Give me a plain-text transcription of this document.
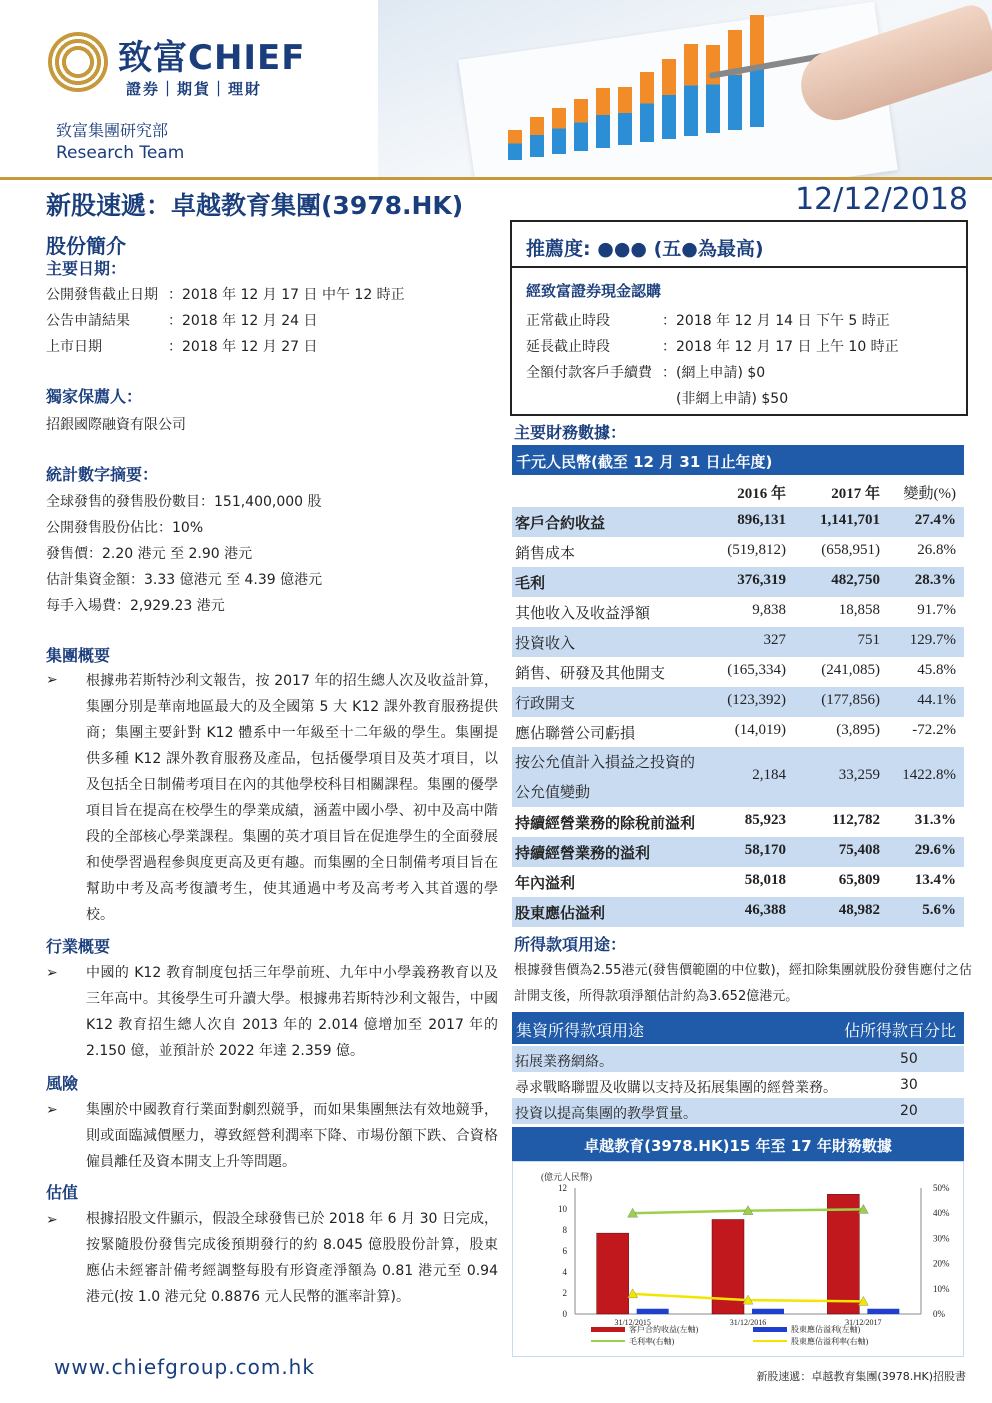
致富CHIEF
證券｜期貨｜理財
致富集團研究部
Research Team
新股速遞：卓越教育集團(3978.HK)	12/12/2018
股份簡介
主要日期：
公開發售截止日期 ：2018 年 12 月 17 日 中午 12 時正
公告申請結果	：2018 年 12 月 24 日
上市日期	：2018 年 12 月 27 日
獨家保薦人：
招銀國際融資有限公司
統計數字摘要：
全球發售的發售股份數目：151,400,000 股
公開發售股份佔比：10%
發售價：2.20 港元 至 2.90 港元
估計集資金額：3.33 億港元 至 4.39 億港元
每手入場費：2,929.23 港元
集團概要
➢ 根據弗若斯特沙利文報告，按 2017 年的招生總人次及收益計算，集團分別是華南地區最大的及全國第 5 大 K12 課外教育服務提供商；集團主要針對 K12 體系中一年級至十二年級的學生。集團提供多種 K12 課外教育服務及產品，包括優學項目及英才項目，以及包括全日制備考項目在內的其他學校科目相關課程。集團的優學項目旨在提高在校學生的學業成績，涵蓋中國小學、初中及高中階段的全部核心學業課程。集團的英才項目旨在促進學生的全面發展和使學習過程參與度更高及更有趣。而集團的全日制備考項目旨在幫助中考及高考復讀考生，使其通過中考及高考考入其首選的學校。
行業概要
➢ 中國的 K12 教育制度包括三年學前班、九年中小學義務教育以及三年高中。其後學生可升讀大學。根據弗若斯特沙利文報告，中國 K12 教育招生總人次自 2013 年的 2.014 億增加至 2017 年的 2.150 億，並預計於 2022 年達 2.359 億。
風險
➢ 集團於中國教育行業面對劇烈競爭，而如果集團無法有效地競爭，則或面臨減價壓力，導致經營利潤率下降、市場份額下跌、合資格僱員離任及資本開支上升等問題。
估值
➢ 根據招股文件顯示，假設全球發售已於 2018 年 6 月 30 日完成，按緊隨股份發售完成後預期發行的約 8.045 億股股份計算，股東應佔未經審計備考經調整每股有形資產淨額為 0.81 港元至 0.94 港元(按 1.0 港元兌 0.8876 元人民幣的滙率計算)。
推薦度: ●●● (五●為最高)
經致富證券現金認購
正常截止時段	：2018 年 12 月 14 日 下午 5 時正
延長截止時段	：2018 年 12 月 17 日 上午 10 時正
全額付款客戶手續費 ：(網上申請) $0
(非網上申請) $50
主要財務數據：
千元人民幣(截至 12 月 31 日止年度)
2016 年	2017 年 變動(%)
客戶合約收益	896,131 1,141,701 27.4%
銷售成本	(519,812) (658,951) 26.8%
毛利	376,319	482,750 28.3%
其他收入及收益淨額	9,838	18,858 91.7%
投資收入	327	751 129.7%
銷售、研發及其他開支	(165,334) (241,085) 45.8%
行政開支	(123,392) (177,856) 44.1%
應佔聯營公司虧損	(14,019)	(3,895) -72.2%
按公允值計入損益之投資的
公允值變動
2,184	33,259 1422.8%
持續經營業務的除稅前溢利	85,923	112,782 31.3%
持續經營業務的溢利	58,170	75,408 29.6%
年內溢利	58,018	65,809 13.4%
股東應佔溢利	46,388	48,982	5.6%
所得款項用途：
根據發售價為2.55港元(發售價範圍的中位數)，經扣除集團就股份發售應付之估計開支後，所得款項淨額估計約為3.652億港元。
集資所得款項用途	佔所得款百分比
拓展業務網絡。	50
尋求戰略聯盟及收購以支持及拓展集團的經營業務。	30
投資以提高集團的教學質量。	20
卓越教育(3978.HK)15 年至 17 年財務數據
(億元人民幣)
0
2
4
6
8
10
12
0%
10%
20%
30%
40%
50%
31/12/2015	31/12/2016	31/12/2017
客戶合約收益(左軸)	股東應佔溢利(左軸)
毛利率(右軸)	股東應佔溢利率(右軸)
www.chiefgroup.com.hk	新股速遞：卓越教育集團(3978.HK)招股書
